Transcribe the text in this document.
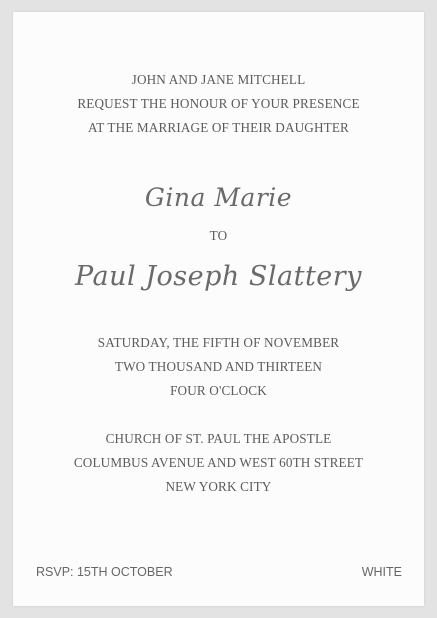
JOHN AND JANE MITCHELL
REQUEST THE HONOUR OF YOUR PRESENCE
AT THE MARRIAGE OF THEIR DAUGHTER
Gina Marie
TO
Paul Joseph Slattery
SATURDAY, THE FIFTH OF NOVEMBER
TWO THOUSAND AND THIRTEEN
FOUR O'CLOCK
CHURCH OF ST. PAUL THE APOSTLE
COLUMBUS AVENUE AND WEST 60TH STREET
NEW YORK CITY
RSVP: 15TH OCTOBER	WHITE
